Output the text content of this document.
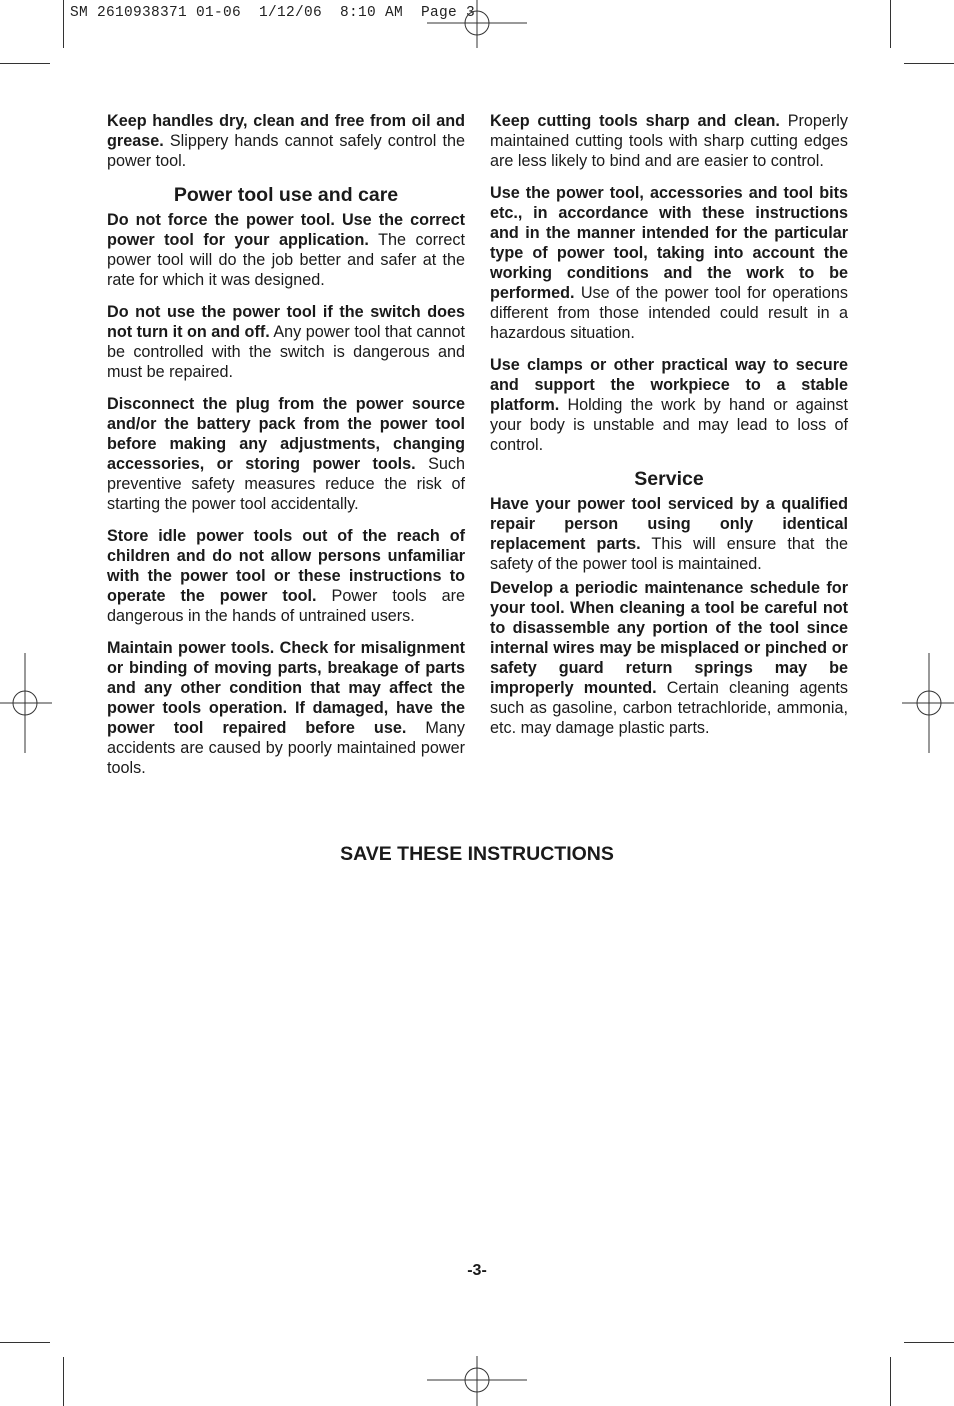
SM 2610938371 01-06  1/12/06  8:10 AM  Page 3

Keep handles dry, clean and free from oil and grease. Slippery hands cannot safely control the power tool.

Power tool use and care

Do not force the power tool. Use the correct power tool for your application. The correct power tool will do the job better and safer at the rate for which it was designed.

Do not use the power tool if the switch does not turn it on and off. Any power tool that cannot be controlled with the switch is dangerous and must be repaired.

Disconnect the plug from the power source and/or the battery pack from the power tool before making any adjustments, changing accessories, or storing power tools. Such preventive safety measures reduce the risk of starting the power tool accidentally.

Store idle power tools out of the reach of children and do not allow persons unfamiliar with the power tool or these instructions to operate the power tool. Power tools are dangerous in the hands of untrained users.

Maintain power tools. Check for misalignment or binding of moving parts, breakage of parts and any other condition that may affect the power tools operation. If damaged, have the power tool repaired before use. Many accidents are caused by poorly maintained power tools.

Keep cutting tools sharp and clean. Properly maintained cutting tools with sharp cutting edges are less likely to bind and are easier to control.

Use the power tool, accessories and tool bits etc., in accordance with these instructions and in the manner intended for the particular type of power tool, taking into account the working conditions and the work to be performed. Use of the power tool for operations different from those intended could result in a hazardous situation.

Use clamps or other practical way to secure and support the workpiece to a stable platform. Holding the work by hand or against your body is unstable and may lead to loss of control.

Service

Have your power tool serviced by a qualified repair person using only identical replacement parts. This will ensure that the safety of the power tool is maintained.

Develop a periodic maintenance schedule for your tool. When cleaning a tool be careful not to disassemble any portion of the tool since internal wires may be misplaced or pinched or safety guard return springs may be improperly mounted. Certain cleaning agents such as gasoline, carbon tetrachloride, ammonia, etc. may damage plastic parts.

SAVE THESE INSTRUCTIONS
-3-
